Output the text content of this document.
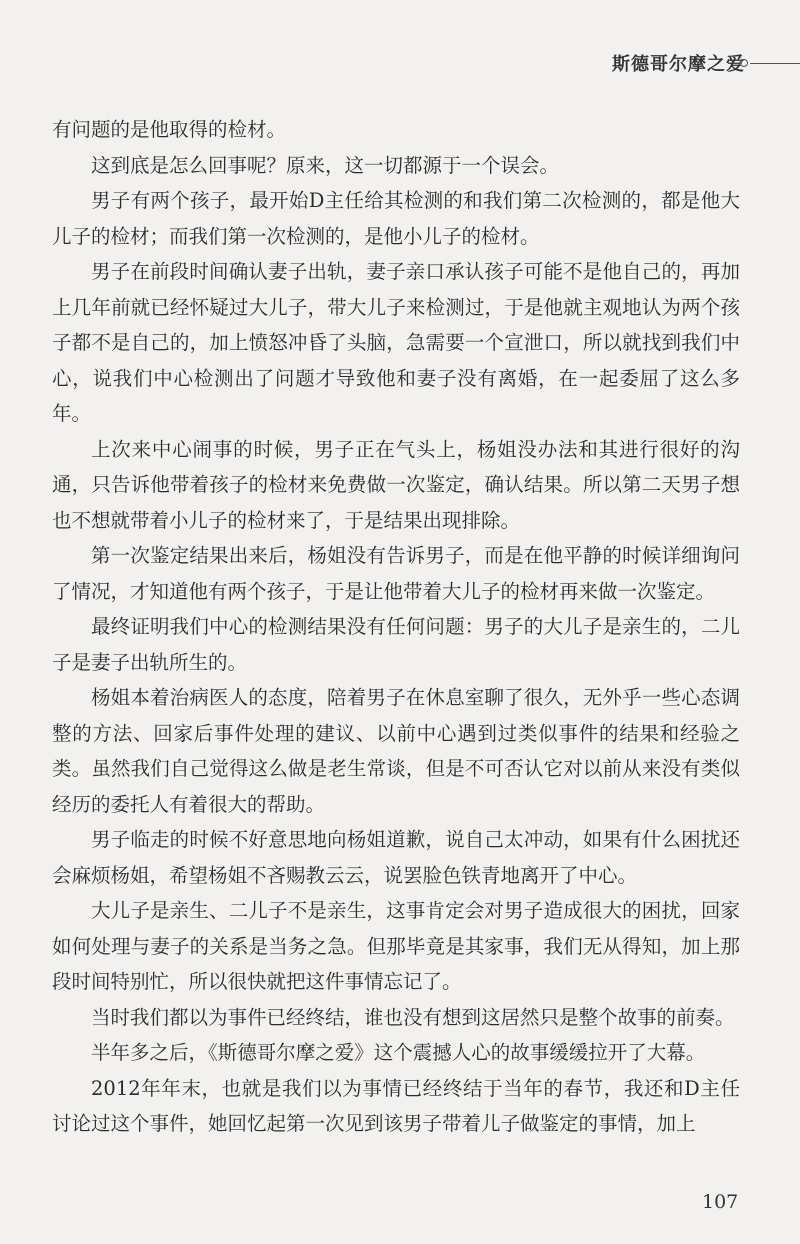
斯德哥尔摩之爱

有问题的是他取得的检材。

这到底是怎么回事呢？原来，这一切都源于一个误会。

男子有两个孩子，最开始D主任给其检测的和我们第二次检测的，都是他大儿子的检材；而我们第一次检测的，是他小儿子的检材。

男子在前段时间确认妻子出轨，妻子亲口承认孩子可能不是他自己的，再加上几年前就已经怀疑过大儿子，带大儿子来检测过，于是他就主观地认为两个孩子都不是自己的，加上愤怒冲昏了头脑，急需要一个宣泄口，所以就找到我们中心，说我们中心检测出了问题才导致他和妻子没有离婚，在一起委屈了这么多年。

上次来中心闹事的时候，男子正在气头上，杨姐没办法和其进行很好的沟通，只告诉他带着孩子的检材来免费做一次鉴定，确认结果。所以第二天男子想也不想就带着小儿子的检材来了，于是结果出现排除。

第一次鉴定结果出来后，杨姐没有告诉男子，而是在他平静的时候详细询问了情况，才知道他有两个孩子，于是让他带着大儿子的检材再来做一次鉴定。

最终证明我们中心的检测结果没有任何问题：男子的大儿子是亲生的，二儿子是妻子出轨所生的。

杨姐本着治病医人的态度，陪着男子在休息室聊了很久，无外乎一些心态调整的方法、回家后事件处理的建议、以前中心遇到过类似事件的结果和经验之类。虽然我们自己觉得这么做是老生常谈，但是不可否认它对以前从来没有类似经历的委托人有着很大的帮助。

男子临走的时候不好意思地向杨姐道歉，说自己太冲动，如果有什么困扰还会麻烦杨姐，希望杨姐不吝赐教云云，说罢脸色铁青地离开了中心。

大儿子是亲生、二儿子不是亲生，这事肯定会对男子造成很大的困扰，回家如何处理与妻子的关系是当务之急。但那毕竟是其家事，我们无从得知，加上那段时间特别忙，所以很快就把这件事情忘记了。

当时我们都以为事件已经终结，谁也没有想到这居然只是整个故事的前奏。

半年多之后，《斯德哥尔摩之爱》这个震撼人心的故事缓缓拉开了大幕。

2012年年末，也就是我们以为事情已经终结于当年的春节，我还和D主任讨论过这个事件，她回忆起第一次见到该男子带着儿子做鉴定的事情，加上

107
